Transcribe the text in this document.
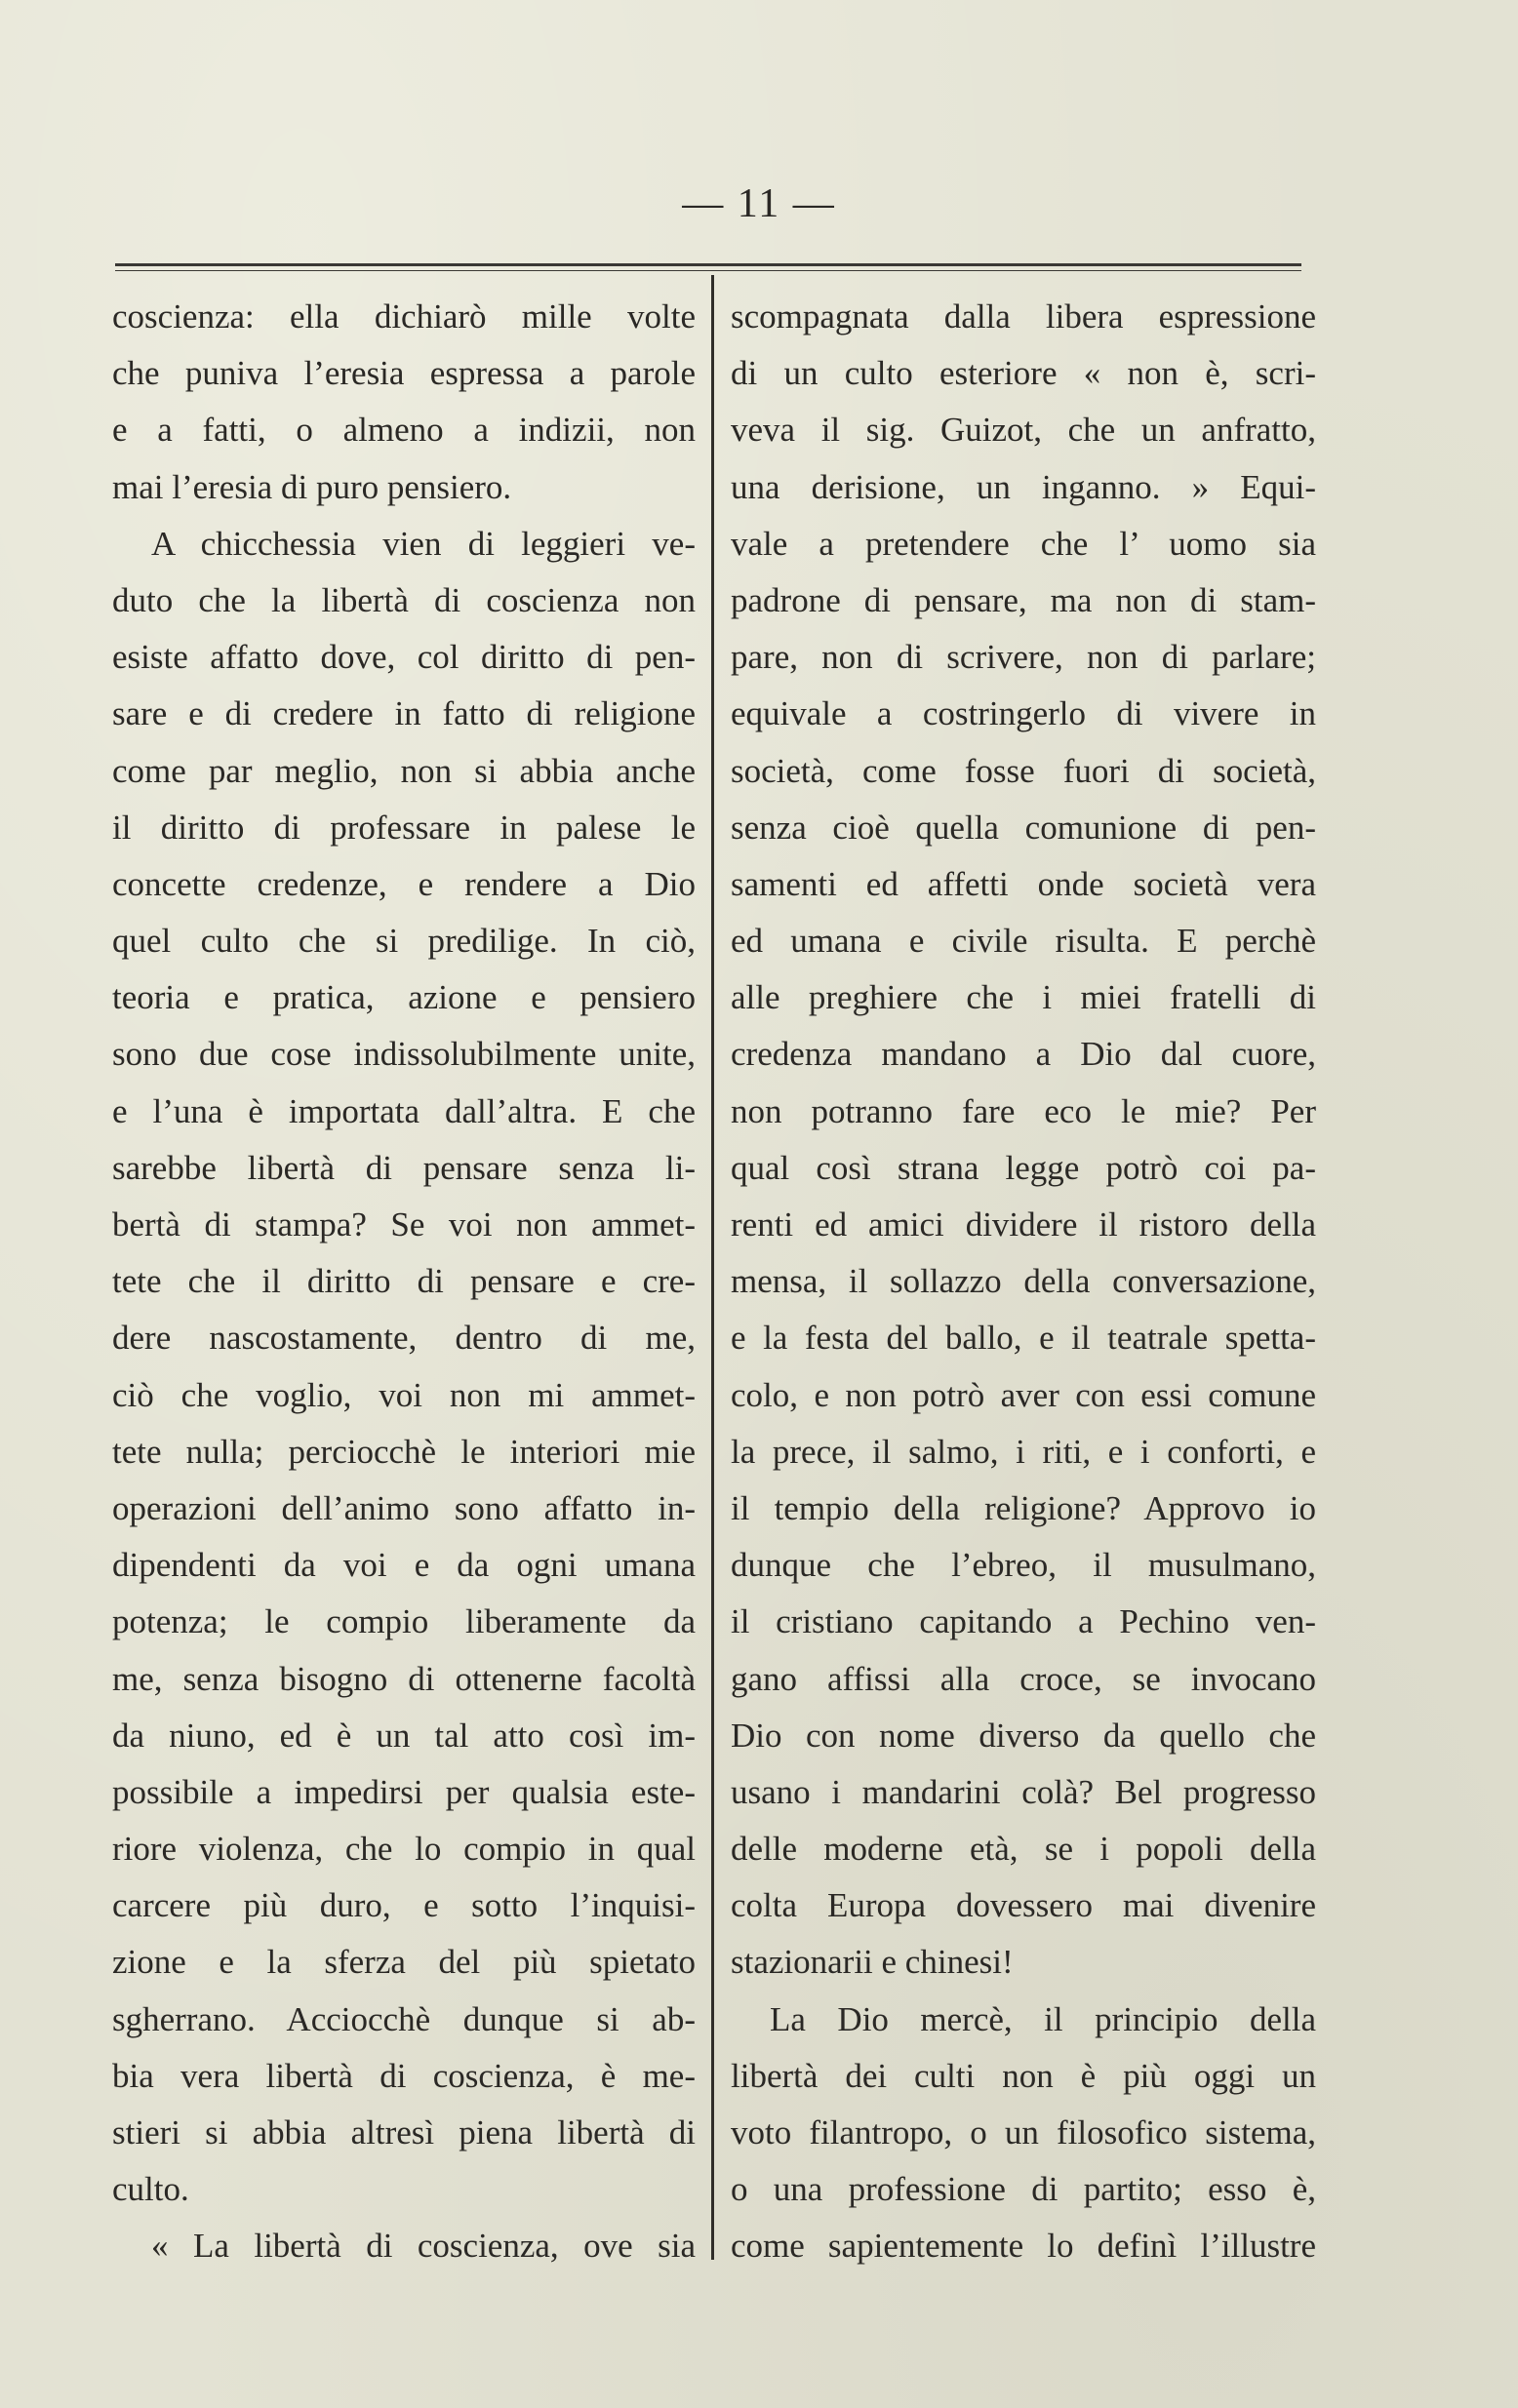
— 11 —
coscienza: ella dichiarò mille volte
che puniva l’eresia espressa a parole
e a fatti, o almeno a indizii, non
mai l’eresia di puro pensiero.
A chicchessia vien di leggieri ve-
duto che la libertà di coscienza non
esiste affatto dove, col diritto di pen-
sare e di credere in fatto di religione
come par meglio, non si abbia anche
il diritto di professare in palese le
concette credenze, e rendere a Dio
quel culto che si predilige. In ciò,
teoria e pratica, azione e pensiero
sono due cose indissolubilmente unite,
e l’una è importata dall’altra. E che
sarebbe libertà di pensare senza li-
bertà di stampa? Se voi non ammet-
tete che il diritto di pensare e cre-
dere nascostamente, dentro di me,
ciò che voglio, voi non mi ammet-
tete nulla; perciocchè le interiori mie
operazioni dell’animo sono affatto in-
dipendenti da voi e da ogni umana
potenza; le compio liberamente da
me, senza bisogno di ottenerne facoltà
da niuno, ed è un tal atto così im-
possibile a impedirsi per qualsia este-
riore violenza, che lo compio in qual
carcere più duro, e sotto l’inquisi-
zione e la sferza del più spietato
sgherrano. Acciocchè dunque si ab-
bia vera libertà di coscienza, è me-
stieri si abbia altresì piena libertà di
culto.
« La libertà di coscienza, ove sia
scompagnata dalla libera espressione
di un culto esteriore « non è, scri-
veva il sig. Guizot, che un anfratto,
una derisione, un inganno. » Equi-
vale a pretendere che l’ uomo sia
padrone di pensare, ma non di stam-
pare, non di scrivere, non di parlare;
equivale a costringerlo di vivere in
società, come fosse fuori di società,
senza cioè quella comunione di pen-
samenti ed affetti onde società vera
ed umana e civile risulta. E perchè
alle preghiere che i miei fratelli di
credenza mandano a Dio dal cuore,
non potranno fare eco le mie? Per
qual così strana legge potrò coi pa-
renti ed amici dividere il ristoro della
mensa, il sollazzo della conversazione,
e la festa del ballo, e il teatrale spetta-
colo, e non potrò aver con essi comune
la prece, il salmo, i riti, e i conforti, e
il tempio della religione? Approvo io
dunque che l’ebreo, il musulmano,
il cristiano capitando a Pechino ven-
gano affissi alla croce, se invocano
Dio con nome diverso da quello che
usano i mandarini colà? Bel progresso
delle moderne età, se i popoli della
colta Europa dovessero mai divenire
stazionarii e chinesi!
La Dio mercè, il principio della
libertà dei culti non è più oggi un
voto filantropo, o un filosofico sistema,
o una professione di partito; esso è,
come sapientemente lo definì l’illustre
